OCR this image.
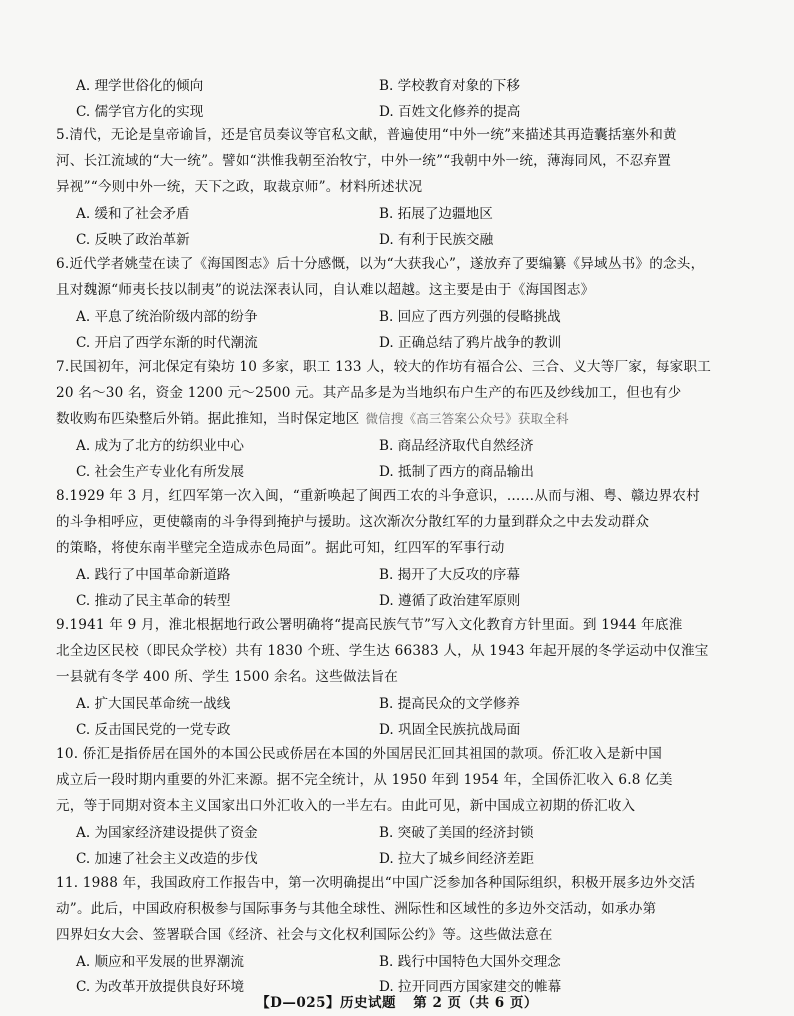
A. 理学世俗化的倾向	B. 学校教育对象的下移
C. 儒学官方化的实现	D. 百姓文化修养的提高
5.清代，无论是皇帝谕旨，还是官员奏议等官私文献，普遍使用“中外一统”来描述其再造囊括塞外和黄
河、长江流域的“大一统”。譬如“洪惟我朝至治牧宁，中外一统”“我朝中外一统，薄海同风，不忍弃置
异视”“今则中外一统，天下之政，取裁京师”。材料所述状况
A. 缓和了社会矛盾	B. 拓展了边疆地区
C. 反映了政治革新	D. 有利于民族交融
6.近代学者姚莹在读了《海国图志》后十分感慨，以为“大获我心”，遂放弃了要编纂《异域丛书》的念头，
且对魏源“师夷长技以制夷”的说法深表认同，自认难以超越。这主要是由于《海国图志》
A. 平息了统治阶级内部的纷争	B. 回应了西方列强的侵略挑战
C. 开启了西学东渐的时代潮流	D. 正确总结了鸦片战争的教训
7.民国初年，河北保定有染坊 10 多家，职工 133 人，较大的作坊有福合公、三合、义大等厂家，每家职工
20 名～30 名，资金 1200 元～2500 元。其产品多是为当地织布户生产的布匹及纱线加工，但也有少
数收购布匹染整后外销。据此推知，当时保定地区 微信搜《高三答案公众号》获取全科
A. 成为了北方的纺织业中心	B. 商品经济取代自然经济
C. 社会生产专业化有所发展	D. 抵制了西方的商品输出
8.1929 年 3 月，红四军第一次入闽，“重新唤起了闽西工农的斗争意识，……从而与湘、粤、赣边界农村
的斗争相呼应，更使赣南的斗争得到掩护与援助。这次渐次分散红军的力量到群众之中去发动群众
的策略，将使东南半壁完全造成赤色局面”。据此可知，红四军的军事行动
A. 践行了中国革命新道路	B. 揭开了大反攻的序幕
C. 推动了民主革命的转型	D. 遵循了政治建军原则
9.1941 年 9 月，淮北根据地行政公署明确将“提高民族气节”写入文化教育方针里面。到 1944 年底淮
北全边区民校（即民众学校）共有 1830 个班、学生达 66383 人，从 1943 年起开展的冬学运动中仅淮宝
一县就有冬学 400 所、学生 1500 余名。这些做法旨在
A. 扩大国民革命统一战线	B. 提高民众的文学修养
C. 反击国民党的一党专政	D. 巩固全民族抗战局面
10. 侨汇是指侨居在国外的本国公民或侨居在本国的外国居民汇回其祖国的款项。侨汇收入是新中国
成立后一段时期内重要的外汇来源。据不完全统计，从 1950 年到 1954 年，全国侨汇收入 6.8 亿美
元，等于同期对资本主义国家出口外汇收入的一半左右。由此可见，新中国成立初期的侨汇收入
A. 为国家经济建设提供了资金	B. 突破了美国的经济封锁
C. 加速了社会主义改造的步伐	D. 拉大了城乡间经济差距
11. 1988 年，我国政府工作报告中，第一次明确提出“中国广泛参加各种国际组织，积极开展多边外交活
动”。此后，中国政府积极参与国际事务与其他全球性、洲际性和区域性的多边外交活动，如承办第
四界妇女大会、签署联合国《经济、社会与文化权利国际公约》等。这些做法意在
A. 顺应和平发展的世界潮流	B. 践行中国特色大国外交理念
C. 为改革开放提供良好环境	D. 拉开同西方国家建交的帷幕
【D—025】历史试题 第 2 页（共 6 页）
